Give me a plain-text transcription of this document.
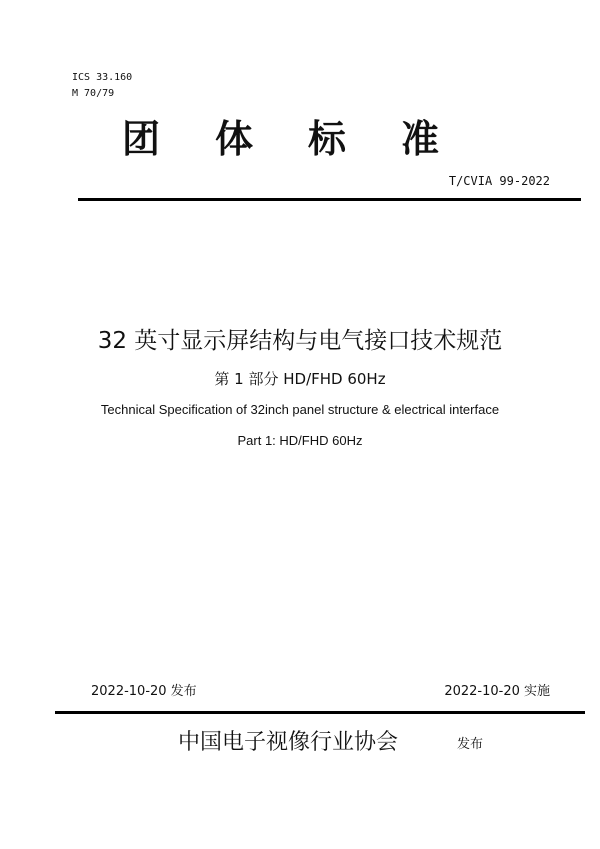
ICS 33.160
M 70/79
团体标准
T/CVIA 99-2022
32 英寸显示屏结构与电气接口技术规范
第 1 部分 HD/FHD 60Hz
Technical Specification of 32inch panel structure & electrical interface
Part 1: HD/FHD 60Hz
2022-10-20 发布	2022-10-20 实施
中国电子视像行业协会	发布
